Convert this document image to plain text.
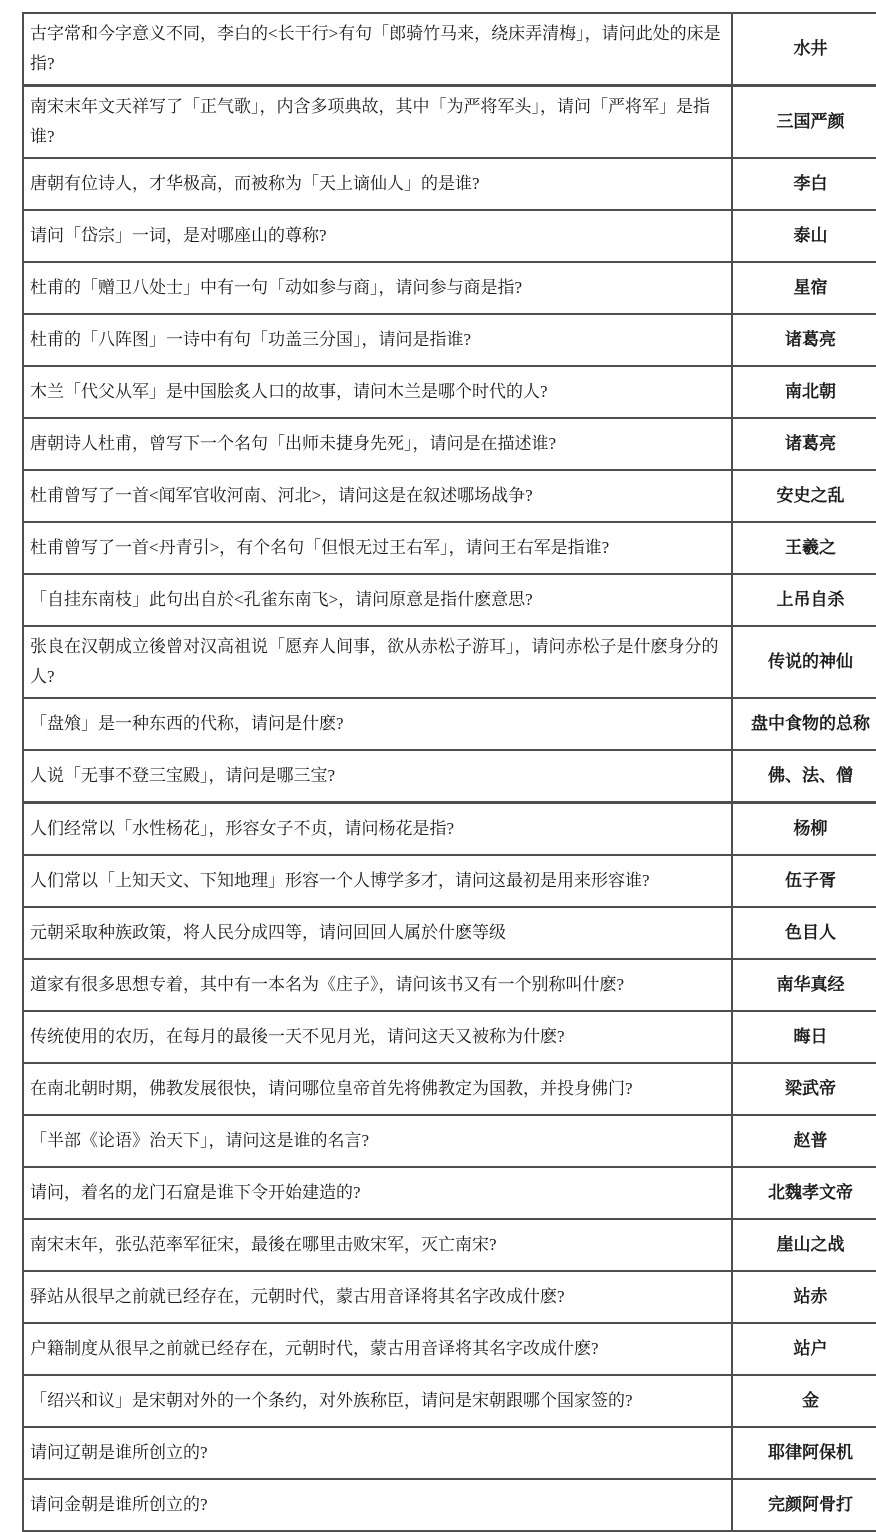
古字常和今字意义不同，李白的<长干行>有句「郎骑竹马来，绕床弄清梅」，请问此处的床是指?	水井
南宋末年文天祥写了「正气歌」，内含多项典故，其中「为严将军头」，请问「严将军」是指谁?	三国严颜
唐朝有位诗人，才华极高，而被称为「天上谪仙人」的是谁?	李白
请问「岱宗」一词，是对哪座山的尊称?	泰山
杜甫的「赠卫八处士」中有一句「动如参与商」，请问参与商是指?	星宿
杜甫的「八阵图」一诗中有句「功盖三分国」，请问是指谁?	诸葛亮
木兰「代父从军」是中国脍炙人口的故事，请问木兰是哪个时代的人?	南北朝
唐朝诗人杜甫，曾写下一个名句「出师未捷身先死」，请问是在描述谁?	诸葛亮
杜甫曾写了一首<闻军官收河南、河北>，请问这是在叙述哪场战争?	安史之乱
杜甫曾写了一首<丹青引>，有个名句「但恨无过王右军」，请问王右军是指谁?	王羲之
「自挂东南枝」此句出自於<孔雀东南飞>，请问原意是指什麽意思?	上吊自杀
张良在汉朝成立後曾对汉高祖说「愿弃人间事，欲从赤松子游耳」，请问赤松子是什麽身分的人?	传说的神仙
「盘飧」是一种东西的代称，请问是什麽?	盘中食物的总称
人说「无事不登三宝殿」，请问是哪三宝?	佛、法、僧
人们经常以「水性杨花」，形容女子不贞，请问杨花是指?	杨柳
人们常以「上知天文、下知地理」形容一个人博学多才，请问这最初是用来形容谁?	伍子胥
元朝采取种族政策，将人民分成四等，请问回回人属於什麽等级	色目人
道家有很多思想专着，其中有一本名为《庄子》，请问该书又有一个别称叫什麽?	南华真经
传统使用的农历，在每月的最後一天不见月光，请问这天又被称为什麽?	晦日
在南北朝时期，佛教发展很快，请问哪位皇帝首先将佛教定为国教，并投身佛门?	梁武帝
「半部《论语》治天下」，请问这是谁的名言?	赵普
请问，着名的龙门石窟是谁下令开始建造的?	北魏孝文帝
南宋末年，张弘范率军征宋，最後在哪里击败宋军，灭亡南宋?	崖山之战
驿站从很早之前就已经存在，元朝时代，蒙古用音译将其名字改成什麽?	站赤
户籍制度从很早之前就已经存在，元朝时代，蒙古用音译将其名字改成什麽?	站户
「绍兴和议」是宋朝对外的一个条约，对外族称臣，请问是宋朝跟哪个国家签的?	金
请问辽朝是谁所创立的?	耶律阿保机
请问金朝是谁所创立的?	完颜阿骨打
